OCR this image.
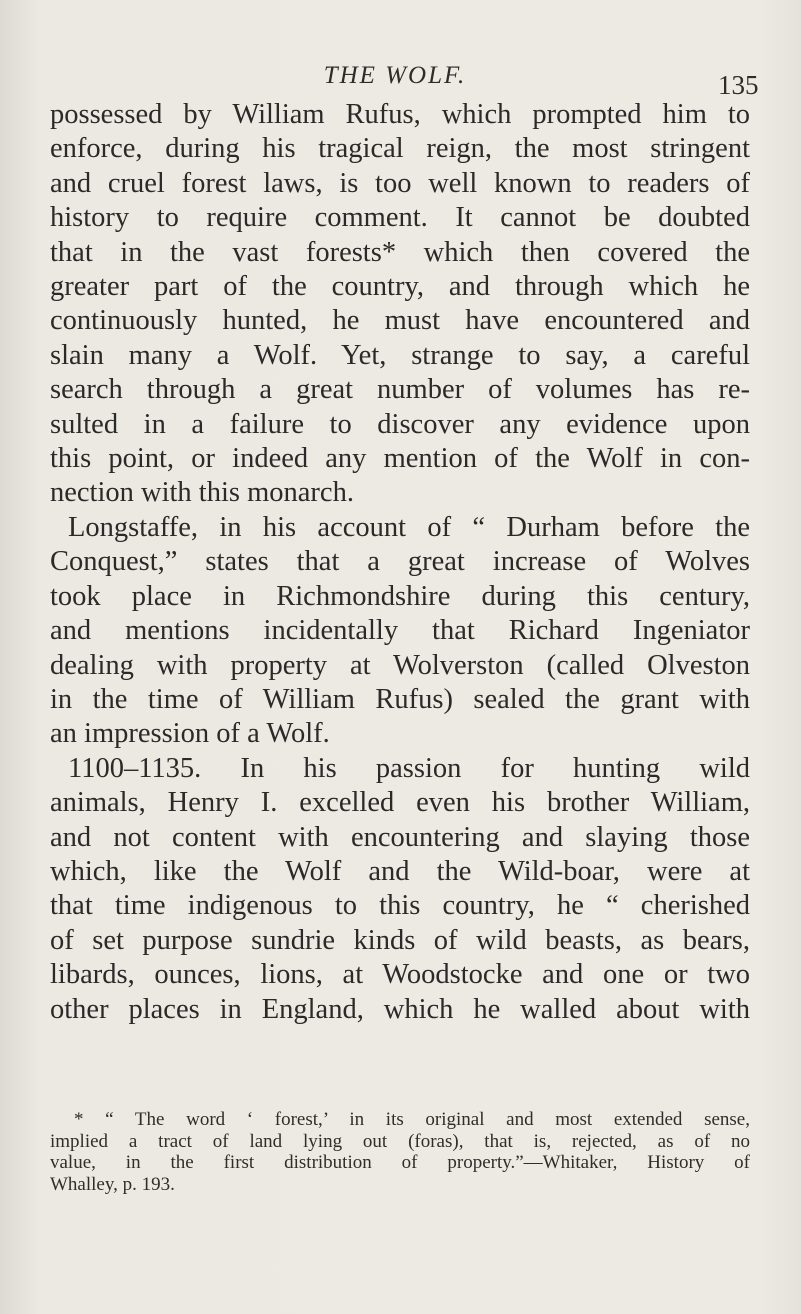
THE WOLF.	135
possessed by William Rufus, which prompted him to
enforce, during his tragical reign, the most stringent
and cruel forest laws, is too well known to readers of
history to require comment. It cannot be doubted
that in the vast forests* which then covered the
greater part of the country, and through which he
continuously hunted, he must have encountered and
slain many a Wolf. Yet, strange to say, a careful
search through a great number of volumes has re-
sulted in a failure to discover any evidence upon
this point, or indeed any mention of the Wolf in con-
nection with this monarch.
Longstaffe, in his account of “ Durham before the
Conquest,” states that a great increase of Wolves
took place in Richmondshire during this century,
and mentions incidentally that Richard Ingeniator
dealing with property at Wolverston (called Olveston
in the time of William Rufus) sealed the grant with
an impression of a Wolf.
1100–1135. In his passion for hunting wild
animals, Henry I. excelled even his brother William,
and not content with encountering and slaying those
which, like the Wolf and the Wild-boar, were at
that time indigenous to this country, he “ cherished
of set purpose sundrie kinds of wild beasts, as bears,
libards, ounces, lions, at Woodstocke and one or two
other places in England, which he walled about with
* “ The word ‘ forest,’ in its original and most extended sense,
implied a tract of land lying out (foras), that is, rejected, as of no
value, in the first distribution of property.”—Whitaker, History of
Whalley, p. 193.
